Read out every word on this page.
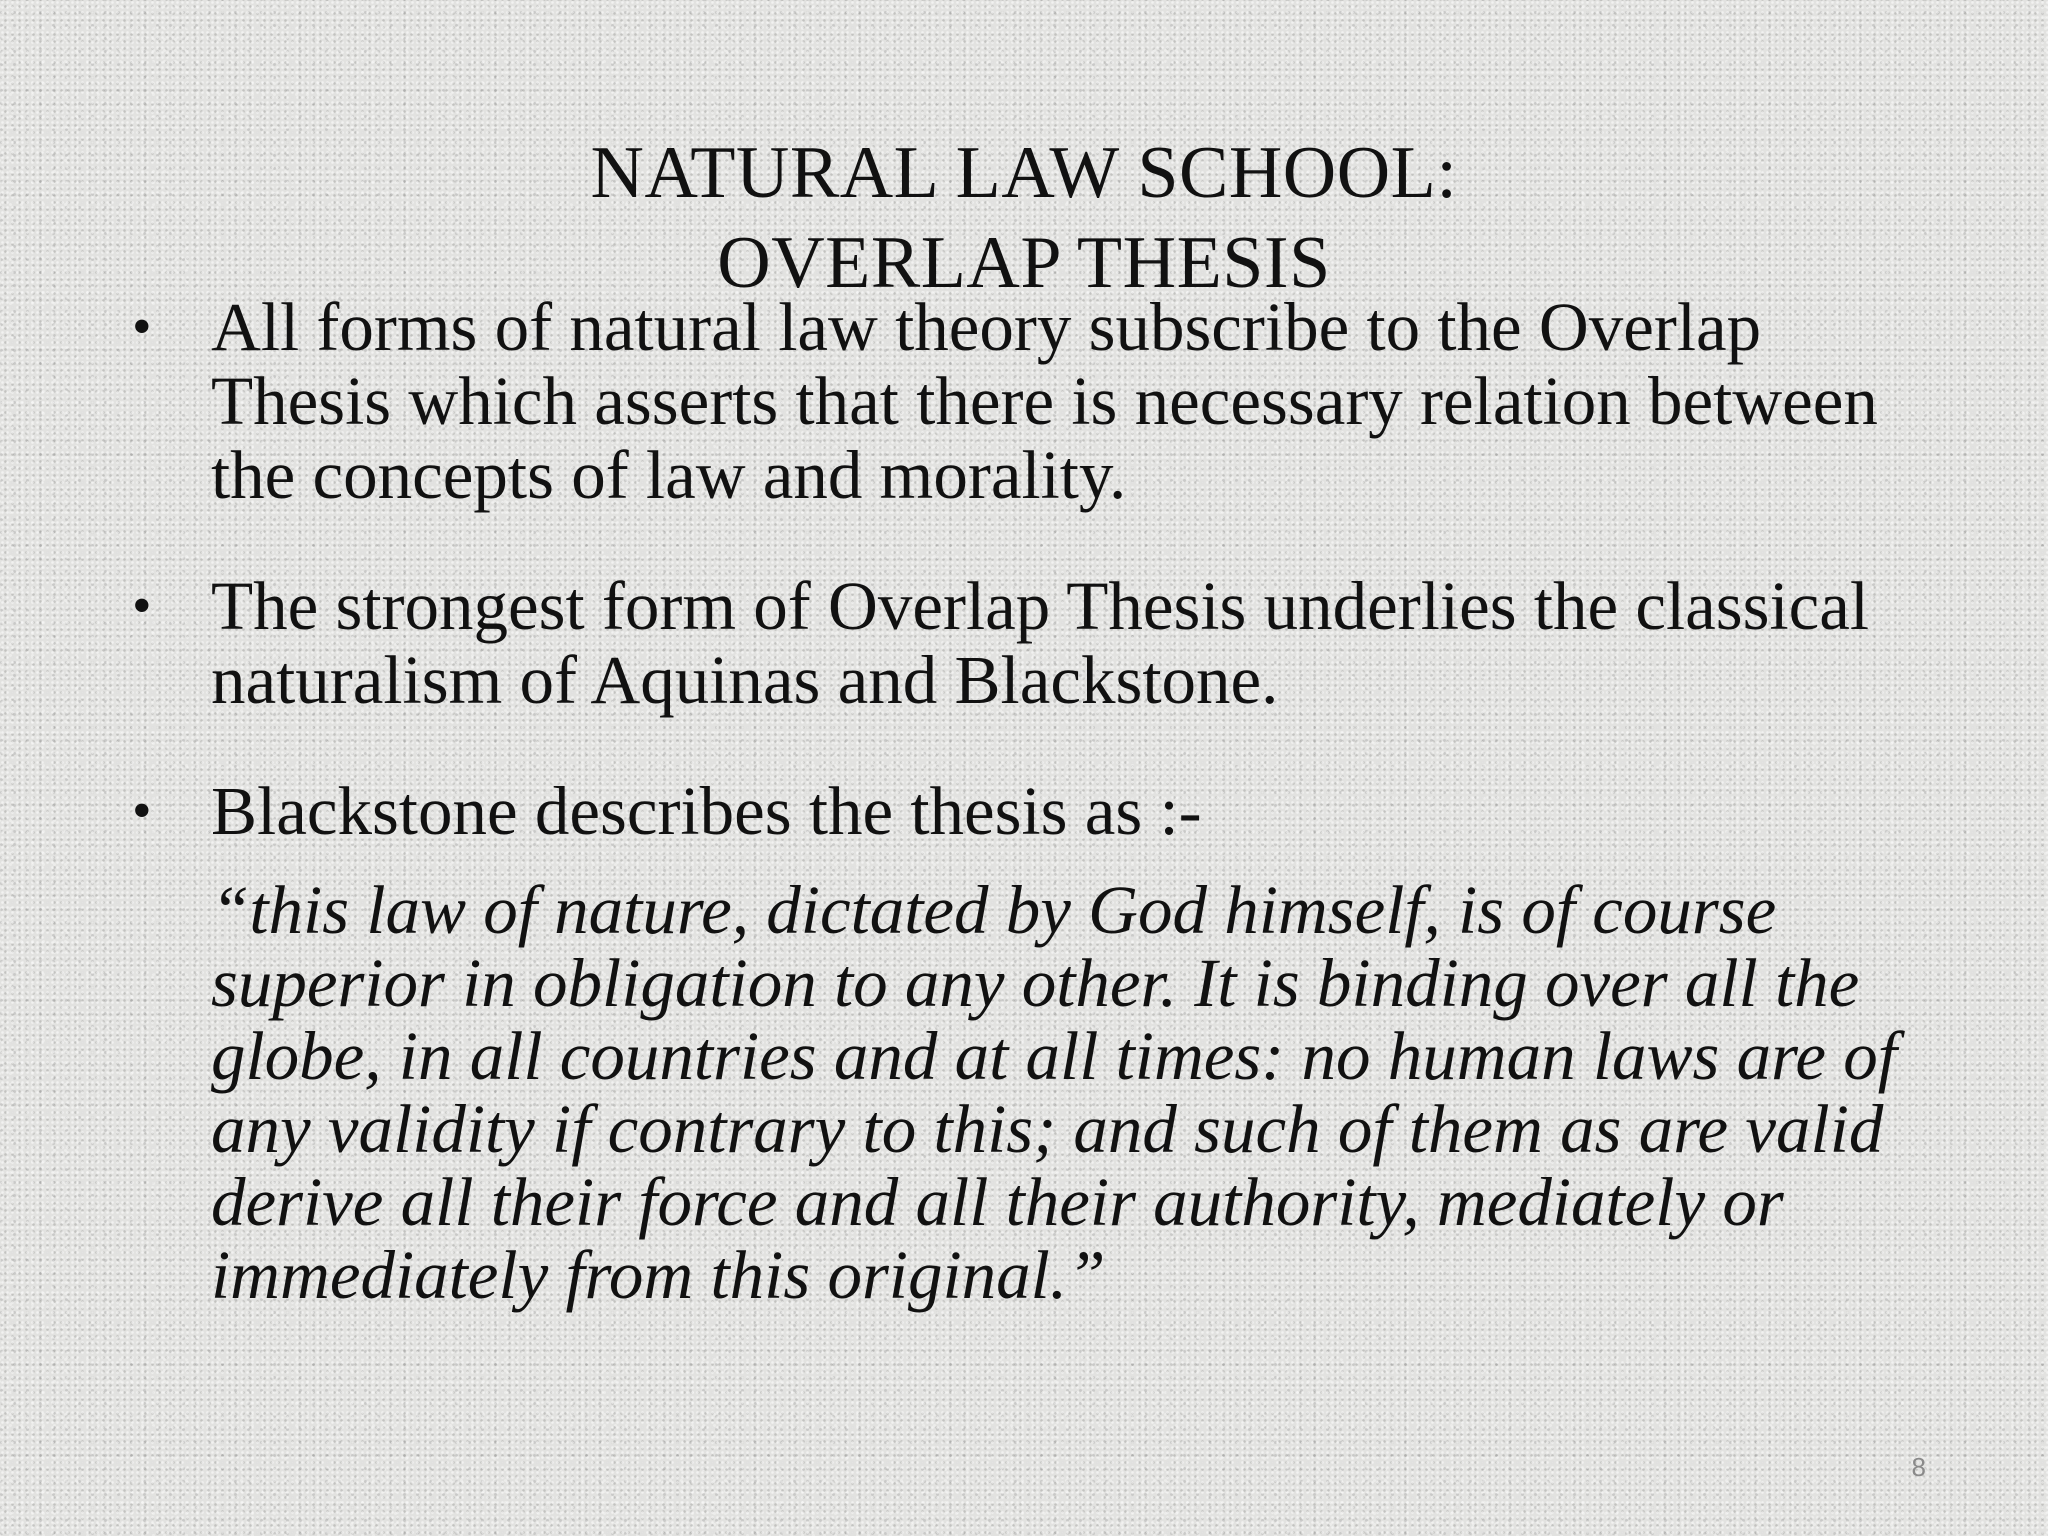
NATURAL LAW SCHOOL:
OVERLAP THESIS
• All forms of natural law theory subscribe to the Overlap Thesis which asserts that there is necessary relation between the concepts of law and morality.
• The strongest form of Overlap Thesis underlies the classical naturalism of Aquinas and Blackstone.
• Blackstone describes the thesis as :-
“this law of nature, dictated by God himself, is of course superior in obligation to any other. It is binding over all the globe, in all countries and at all times: no human laws are of any validity if contrary to this; and such of them as are valid derive all their force and all their authority, mediately or immediately from this original.”
8
